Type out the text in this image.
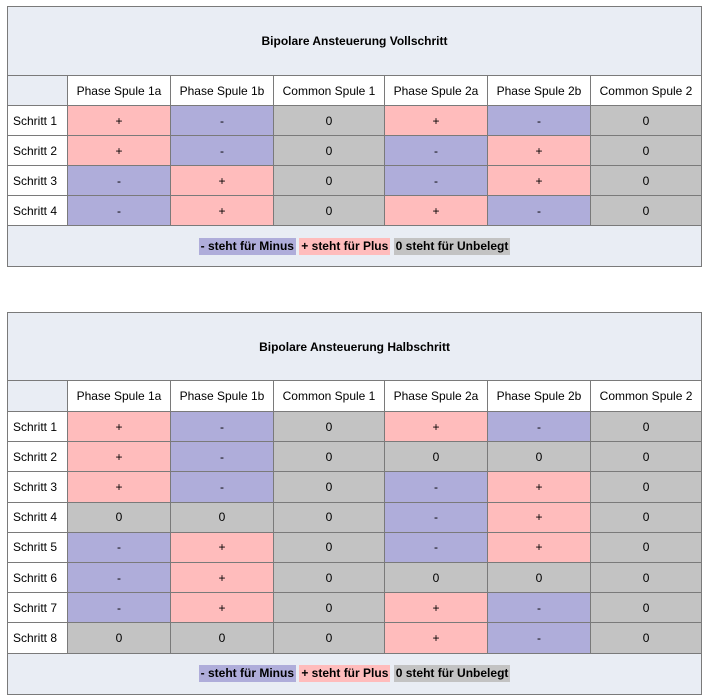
Bipolare Ansteuerung Vollschritt						
	Phase Spule 1a	Phase Spule 1b	Common Spule 1	Phase Spule 2a	Phase Spule 2b	Common Spule 2
Schritt 1	+	-	0	+	-	0
Schritt 2	+	-	0	-	+	0
Schritt 3	-	+	0	-	+	0
Schritt 4	-	+	0	+	-	0
- steht für Minus + steht für Plus 0 steht für Unbelegt						
Bipolare Ansteuerung Halbschritt						
	Phase Spule 1a	Phase Spule 1b	Common Spule 1	Phase Spule 2a	Phase Spule 2b	Common Spule 2
Schritt 1	+	-	0	+	-	0
Schritt 2	+	-	0	0	0	0
Schritt 3	+	-	0	-	+	0
Schritt 4	0	0	0	-	+	0
Schritt 5	-	+	0	-	+	0
Schritt 6	-	+	0	0	0	0
Schritt 7	-	+	0	+	-	0
Schritt 8	0	0	0	+	-	0
- steht für Minus + steht für Plus 0 steht für Unbelegt						
